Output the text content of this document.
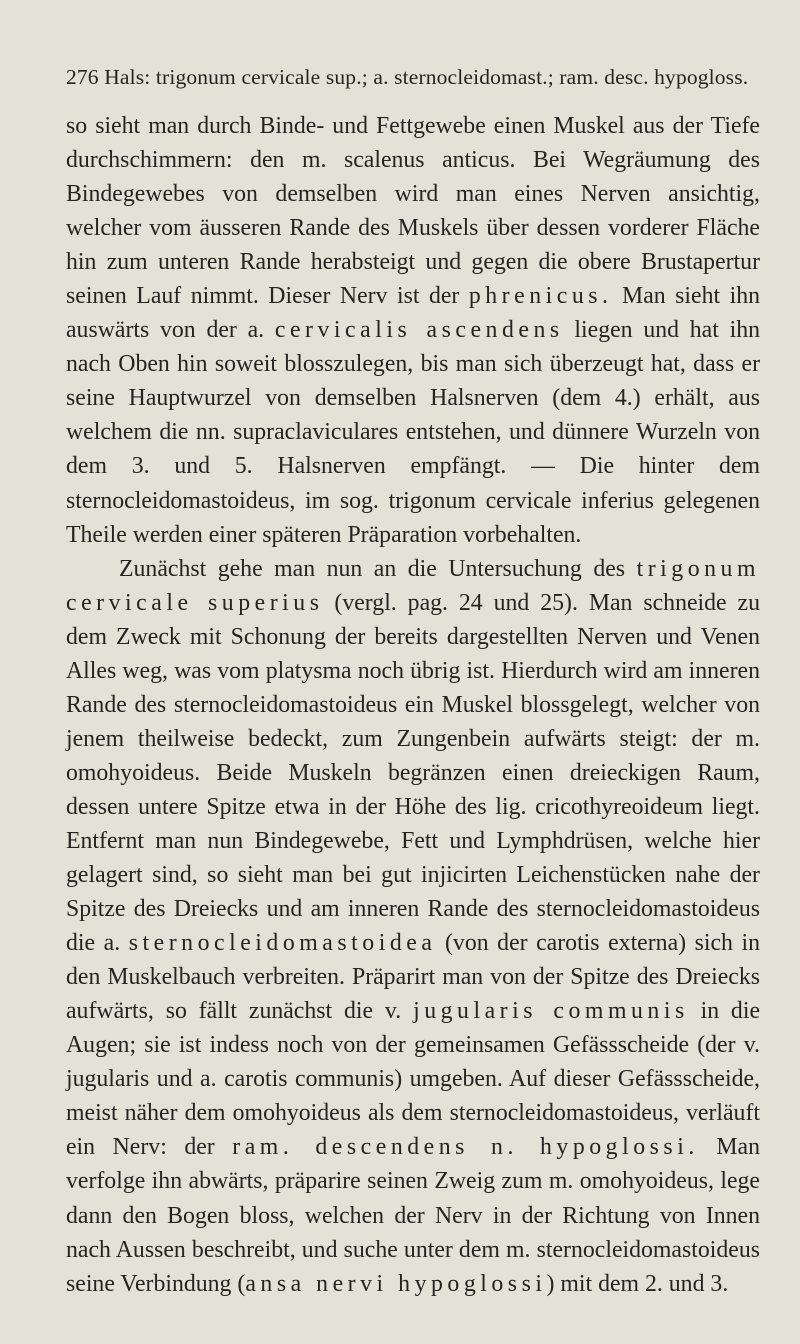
276 Hals: trigonum cervicale sup.; a. sternocleidomast.; ram. desc. hypogloss.

so sieht man durch Binde- und Fettgewebe einen Muskel aus der Tiefe durchschimmern: den m. scalenus anticus. Bei Wegräumung des Bindegewebes von demselben wird man eines Nerven ansichtig, welcher vom äusseren Rande des Muskels über dessen vorderer Fläche hin zum unteren Rande herabsteigt und gegen die obere Brustapertur seinen Lauf nimmt. Dieser Nerv ist der phrenicus. Man sieht ihn auswärts von der a. cervicalis ascendens liegen und hat ihn nach Oben hin soweit blosszulegen, bis man sich überzeugt hat, dass er seine Hauptwurzel von demselben Halsnerven (dem 4.) erhält, aus welchem die nn. supraclaviculares entstehen, und dünnere Wurzeln von dem 3. und 5. Halsnerven empfängt. — Die hinter dem sternocleidomastoideus, im sog. trigonum cervicale inferius gelegenen Theile werden einer späteren Präparation vorbehalten.

Zunächst gehe man nun an die Untersuchung des trigonum cervicale superius (vergl. pag. 24 und 25). Man schneide zu dem Zweck mit Schonung der bereits dargestellten Nerven und Venen Alles weg, was vom platysma noch übrig ist. Hierdurch wird am inneren Rande des sternocleidomastoideus ein Muskel blossgelegt, welcher von jenem theilweise bedeckt, zum Zungenbein aufwärts steigt: der m. omohyoideus. Beide Muskeln begränzen einen dreieckigen Raum, dessen untere Spitze etwa in der Höhe des lig. cricothyreoideum liegt. Entfernt man nun Bindegewebe, Fett und Lymphdrüsen, welche hier gelagert sind, so sieht man bei gut injicirten Leichenstücken nahe der Spitze des Dreiecks und am inneren Rande des sternocleidomastoideus die a. sternocleidomastoidea (von der carotis externa) sich in den Muskelbauch verbreiten. Präparirt man von der Spitze des Dreiecks aufwärts, so fällt zunächst die v. jugularis communis in die Augen; sie ist indess noch von der gemeinsamen Gefässscheide (der v. jugularis und a. carotis communis) umgeben. Auf dieser Gefässscheide, meist näher dem omohyoideus als dem sternocleidomastoideus, verläuft ein Nerv: der ram. descendens n. hypoglossi. Man verfolge ihn abwärts, präparire seinen Zweig zum m. omohyoideus, lege dann den Bogen bloss, welchen der Nerv in der Richtung von Innen nach Aussen beschreibt, und suche unter dem m. sternocleidomastoideus seine Verbindung (ansa nervi hypoglossi) mit dem 2. und 3.
